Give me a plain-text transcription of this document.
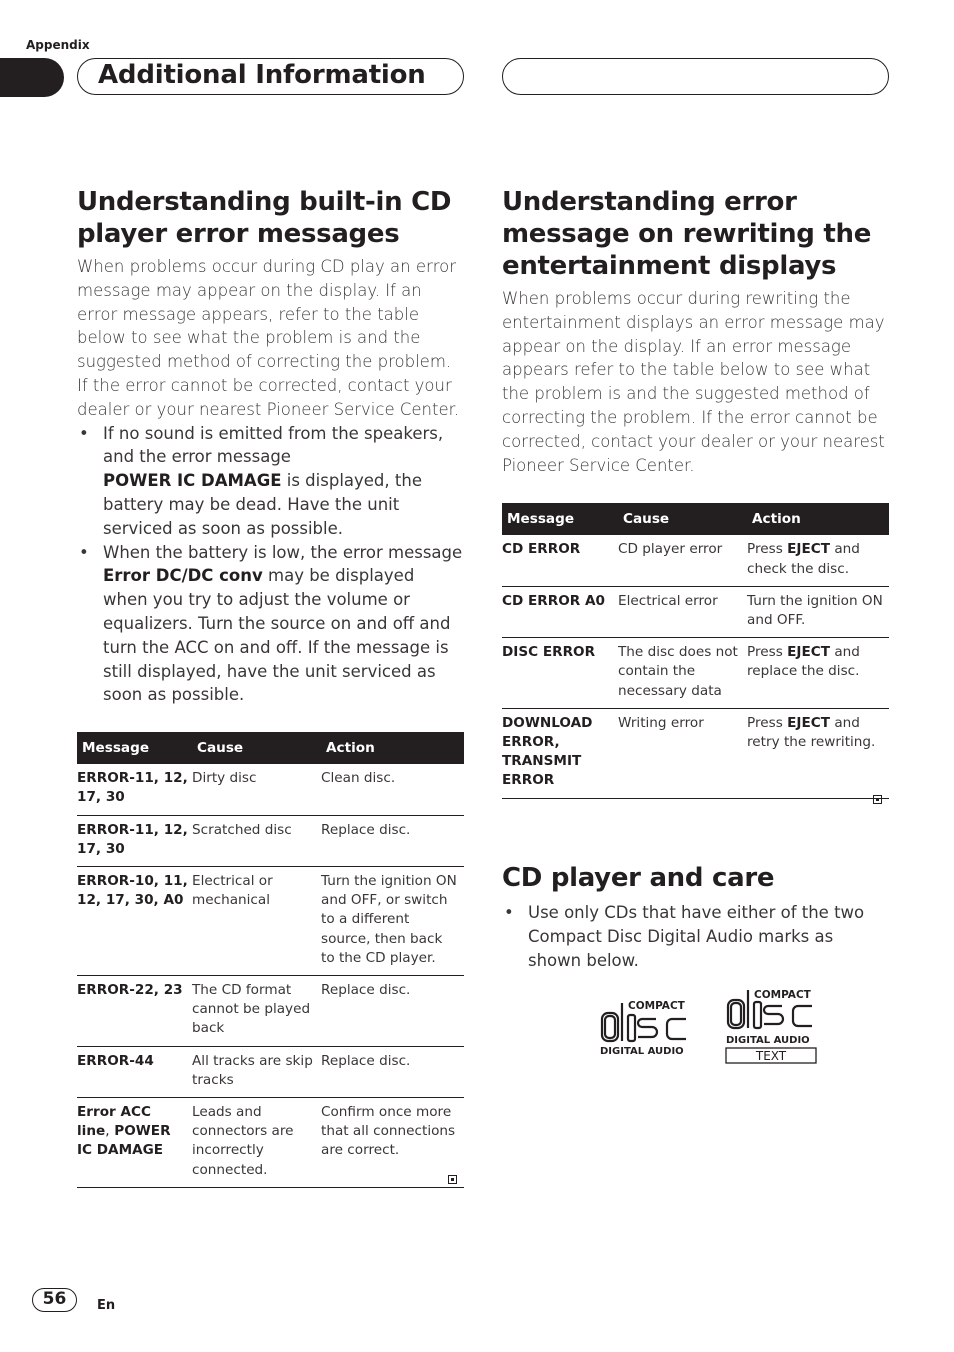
Appendix
Additional Information
Understanding built-in CD player error messages

When problems occur during CD play an error message may appear on the display. If an error message appears, refer to the table below to see what the problem is and the suggested method of correcting the problem. If the error cannot be corrected, contact your dealer or your nearest Pioneer Service Center.

• If no sound is emitted from the speakers, and the error message
POWER IC DAMAGE is displayed, the battery may be dead. Have the unit serviced as soon as possible.
• When the battery is low, the error message Error DC/DC conv may be displayed when you try to adjust the volume or equalizers. Turn the source on and off and turn the ACC on and off. If the message is still displayed, have the unit serviced as soon as possible.
Message	Cause	Action
ERROR-11, 12, 17, 30	Dirty disc	Clean disc.
ERROR-11, 12, 17, 30	Scratched disc	Replace disc.
ERROR-10, 11, 12, 17, 30, A0	Electrical or mechanical	Turn the ignition ON and OFF, or switch to a different source, then back to the CD player.
ERROR-22, 23	The CD format cannot be played back	Replace disc.
ERROR-44	All tracks are skip tracks	Replace disc.
Error ACC line, POWER IC DAMAGE	Leads and connectors are incorrectly connected.	Confirm once more that all connections are correct.
Understanding error message on rewriting the entertainment displays

When problems occur during rewriting the entertainment displays an error message may appear on the display. If an error message appears refer to the table below to see what the problem is and the suggested method of correcting the problem. If the error cannot be corrected, contact your dealer or your nearest Pioneer Service Center.

Message	Cause	Action
CD ERROR	CD player error	Press EJECT and check the disc.
CD ERROR A0	Electrical error	Turn the ignition ON and OFF.
DISC ERROR	The disc does not contain the necessary data	Press EJECT and replace the disc.
DOWNLOAD ERROR, TRANSMIT ERROR	Writing error	Press EJECT and retry the rewriting.
CD player and care
• Use only CDs that have either of the two Compact Disc Digital Audio marks as shown below.
COMPACT
DIGITAL AUDIO
COMPACT
DIGITAL AUDIO
TEXT
56	En
